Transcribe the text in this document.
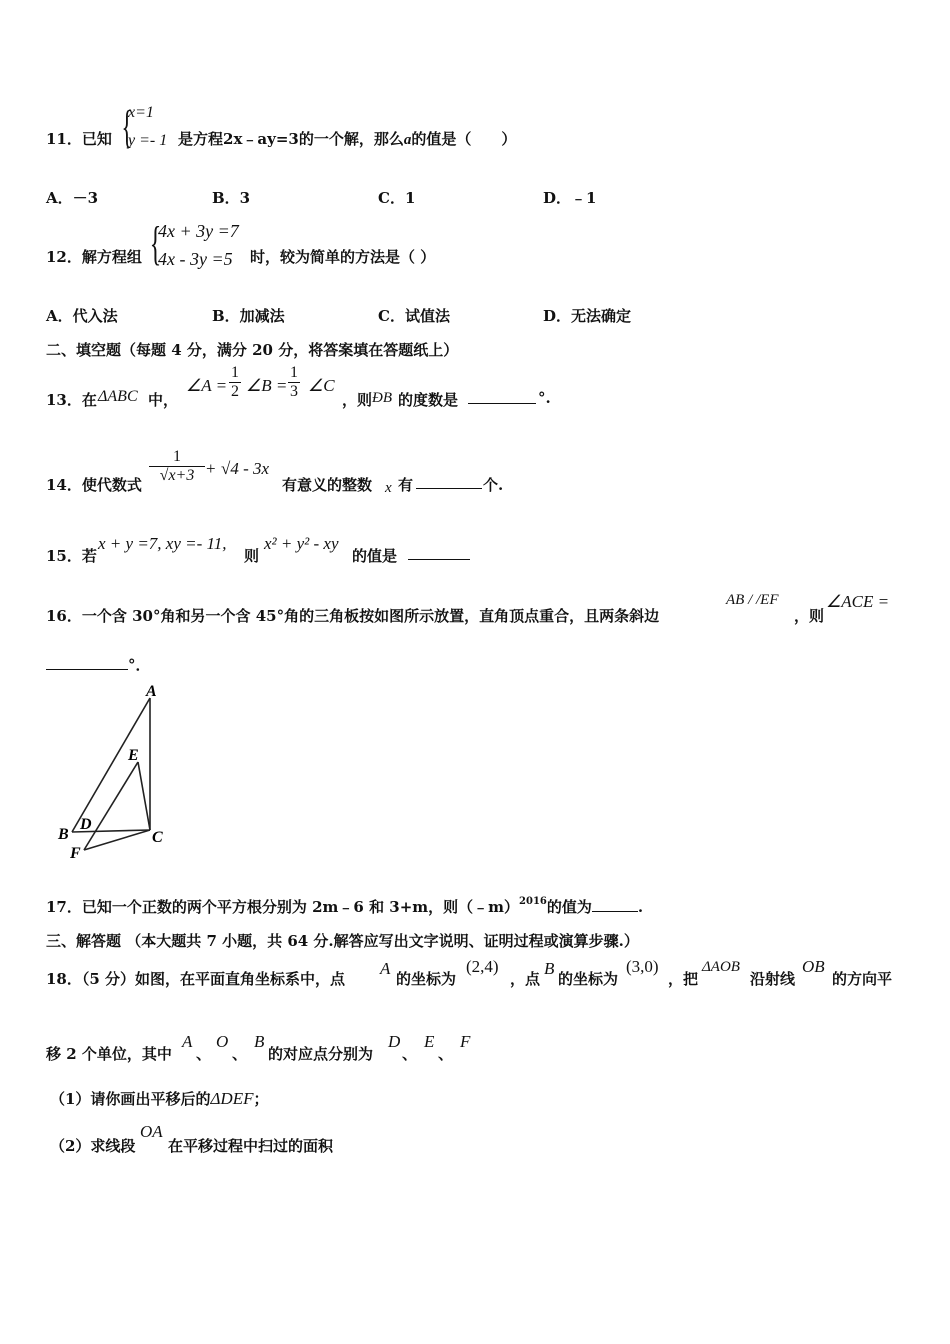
11．已知 {
x=1
y =- 1 是方程2x﹣ay=3的一个解，那么a的值是（　　）
A．－3	B．3	C．1	D．﹣1
12．解方程组 {
4x + 3y =7
4x - 3y =5 时，较为简单的方法是（ ）
A．代入法	B．加减法	C．试值法	D．无法确定
二、填空题（每题 4 分，满分 20 分，将答案填在答题纸上）
13．在 ΔABC 中，
∠A = $\frac{1}{2}$ ∠B = $\frac{1}{3}$ ∠C
，则 ÐB 的度数是	°.
14．使代数式 $\frac{1}{√x+3} + √4 - 3x$
有意义的整数 x 有	个.
15．若
x + y =7, xy =- 11,
则
x² + y² - xy
的值是
16．一个含 30°角和另一个含 45°角的三角板按如图所示放置，直角顶点重合，且两条斜边
AB / /EF
，则
∠ACE =
°．
A
E
B
D
C
F
17．已知一个正数的两个平方根分别为 2m﹣6 和 3+m，则（﹣m）$^{2016}$的值为	.
三、解答题 （本大题共 7 小题，共 64 分.解答应写出文字说明、证明过程或演算步骤.）
18．（5 分）如图，在平面直角坐标系中，点
A
的坐标为
(2,4)
，点
B
的坐标为
(3,0)
，把
ΔAOB
沿射线
OB
的方向平
移 2 个单位，其中
A
、
O
、
B
的对应点分别为
D
、
E
、
F
（1）请你画出平移后的ΔDEF；
（2）求线段
OA
在平移过程中扫过的面积
